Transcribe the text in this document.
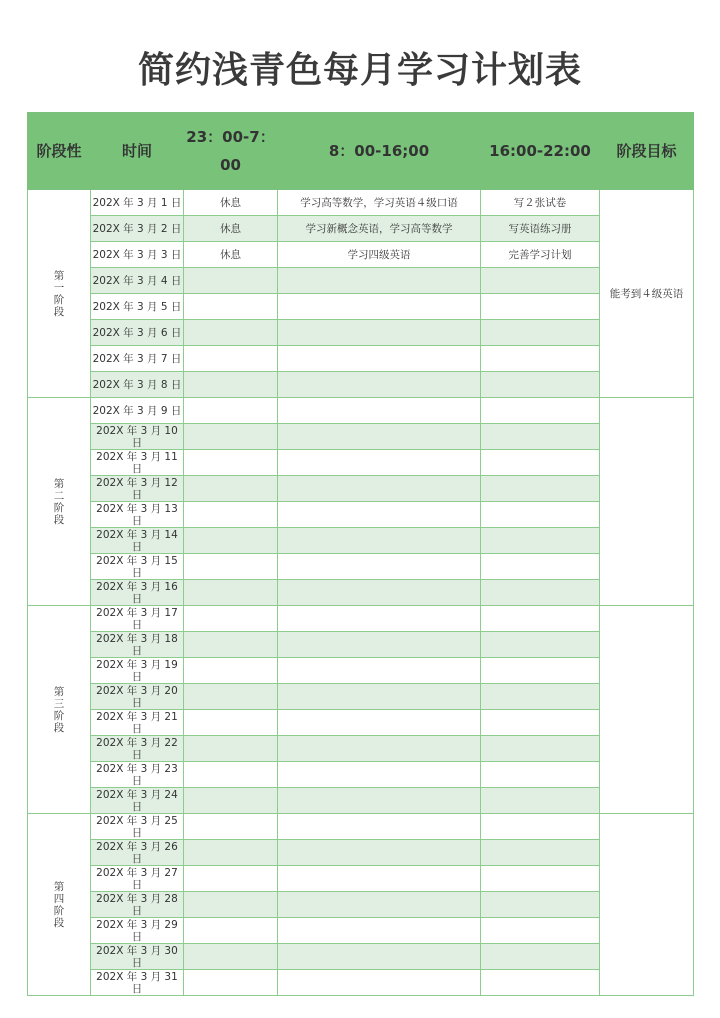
简约浅青色每月学习计划表
阶段性	时间	23：00-7：00	8：00-16;00	16:00-22:00	阶段目标
第一阶段	202X 年 3 月 1 日	休息	学习高等数学，学习英语４级口语	写２张试卷	能考到４级英语
	202X 年 3 月 2 日	休息	学习新概念英语，学习高等数学	写英语练习册	
	202X 年 3 月 3 日	休息	学习四级英语	完善学习计划	
	202X 年 3 月 4 日				
	202X 年 3 月 5 日				
	202X 年 3 月 6 日				
	202X 年 3 月 7 日				
	202X 年 3 月 8 日				
第二阶段	202X 年 3 月 9 日				
	202X 年 3 月 10 日				
	202X 年 3 月 11 日				
	202X 年 3 月 12 日				
	202X 年 3 月 13 日				
	202X 年 3 月 14 日				
	202X 年 3 月 15 日				
	202X 年 3 月 16 日				
第三阶段	202X 年 3 月 17 日				
	202X 年 3 月 18 日				
	202X 年 3 月 19 日				
	202X 年 3 月 20 日				
	202X 年 3 月 21 日				
	202X 年 3 月 22 日				
	202X 年 3 月 23 日				
	202X 年 3 月 24 日				
第四阶段	202X 年 3 月 25 日				
	202X 年 3 月 26 日				
	202X 年 3 月 27 日				
	202X 年 3 月 28 日				
	202X 年 3 月 29 日				
	202X 年 3 月 30 日				
	202X 年 3 月 31 日				
